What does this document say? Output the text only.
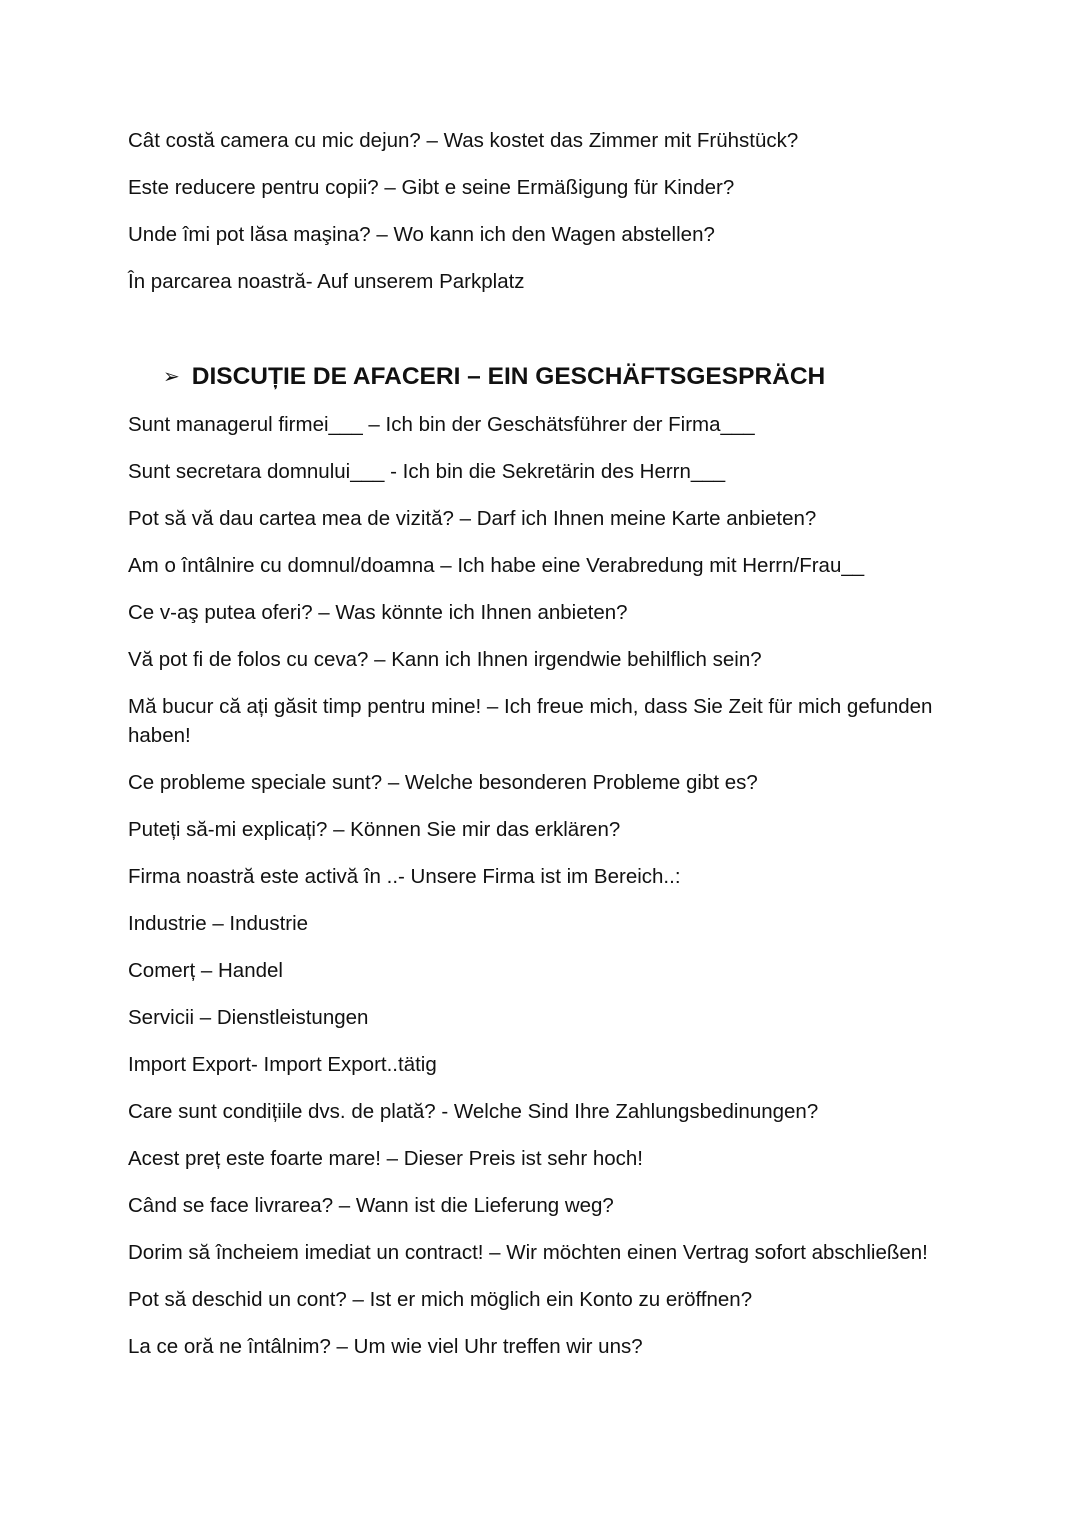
Cât costă camera cu mic dejun? – Was kostet das Zimmer mit Frühstück?

Este reducere pentru copii? – Gibt e seine Ermäßigung für Kinder?

Unde îmi pot lăsa maşina? – Wo kann ich den Wagen abstellen?

În parcarea noastră- Auf unserem Parkplatz

➢ DISCUȚIE DE AFACERI – EIN GESCHÄFTSGESPRÄCH

Sunt managerul firmei___ – Ich bin der Geschätsführer der Firma___

Sunt secretara domnului___ - Ich bin die Sekretärin des Herrn___

Pot să vă dau cartea mea de vizită? – Darf ich Ihnen meine Karte anbieten?

Am o întâlnire cu domnul/doamna – Ich habe eine Verabredung mit Herrn/Frau__

Ce v-aş putea oferi? – Was könnte ich Ihnen anbieten?

Vă pot fi de folos cu ceva? – Kann ich Ihnen irgendwie behilflich sein?

Mă bucur că ați găsit timp pentru mine! – Ich freue mich, dass Sie Zeit für mich gefunden haben!

Ce probleme speciale sunt? – Welche besonderen Probleme gibt es?

Puteți să-mi explicați? – Können Sie mir das erklären?

Firma noastră este activă în ..- Unsere Firma ist im Bereich..:

Industrie – Industrie

Comerț – Handel

Servicii – Dienstleistungen

Import Export- Import Export..tätig

Care sunt condițiile dvs. de plată? - Welche Sind Ihre Zahlungsbedinungen?

Acest preț este foarte mare! – Dieser Preis ist sehr hoch!

Când se face livrarea? – Wann ist die Lieferung weg?

Dorim să încheiem imediat un contract! – Wir möchten einen Vertrag sofort abschließen!

Pot să deschid un cont? – Ist er mich möglich ein Konto zu eröffnen?

La ce oră ne întâlnim? – Um wie viel Uhr treffen wir uns?
